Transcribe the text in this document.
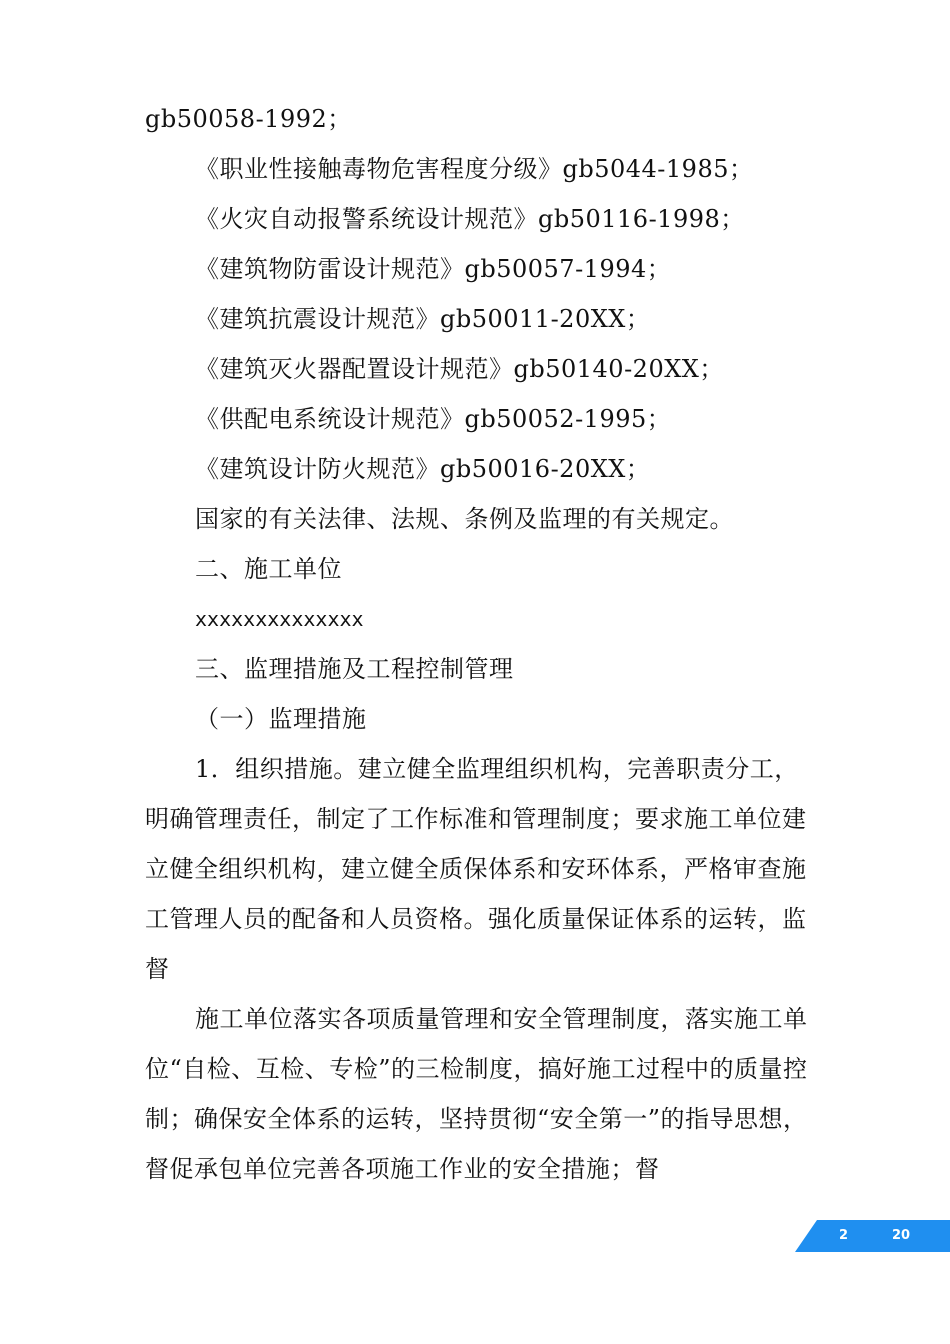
gb50058-1992；
《职业性接触毒物危害程度分级》gb5044-1985；
《火灾自动报警系统设计规范》gb50116-1998；
《建筑物防雷设计规范》gb50057-1994；
《建筑抗震设计规范》gb50011-20XX；
《建筑灭火器配置设计规范》gb50140-20XX；
《供配电系统设计规范》gb50052-1995；
《建筑设计防火规范》gb50016-20XX；
国家的有关法律、法规、条例及监理的有关规定。
二、施工单位
xxxxxxxxxxxxxx
三、监理措施及工程控制管理
（一）监理措施

1．组织措施。建立健全监理组织机构，完善职责分工，明确管理责任，制定了工作标准和管理制度；要求施工单位建立健全组织机构，建立健全质保体系和安环体系，严格审查施工管理人员的配备和人员资格。强化质量保证体系的运转，监督

施工单位落实各项质量管理和安全管理制度，落实施工单位“自检、互检、专检”的三检制度，搞好施工过程中的质量控制；确保安全体系的运转，坚持贯彻“安全第一”的指导思想，督促承包单位完善各项施工作业的安全措施；督

2	20
